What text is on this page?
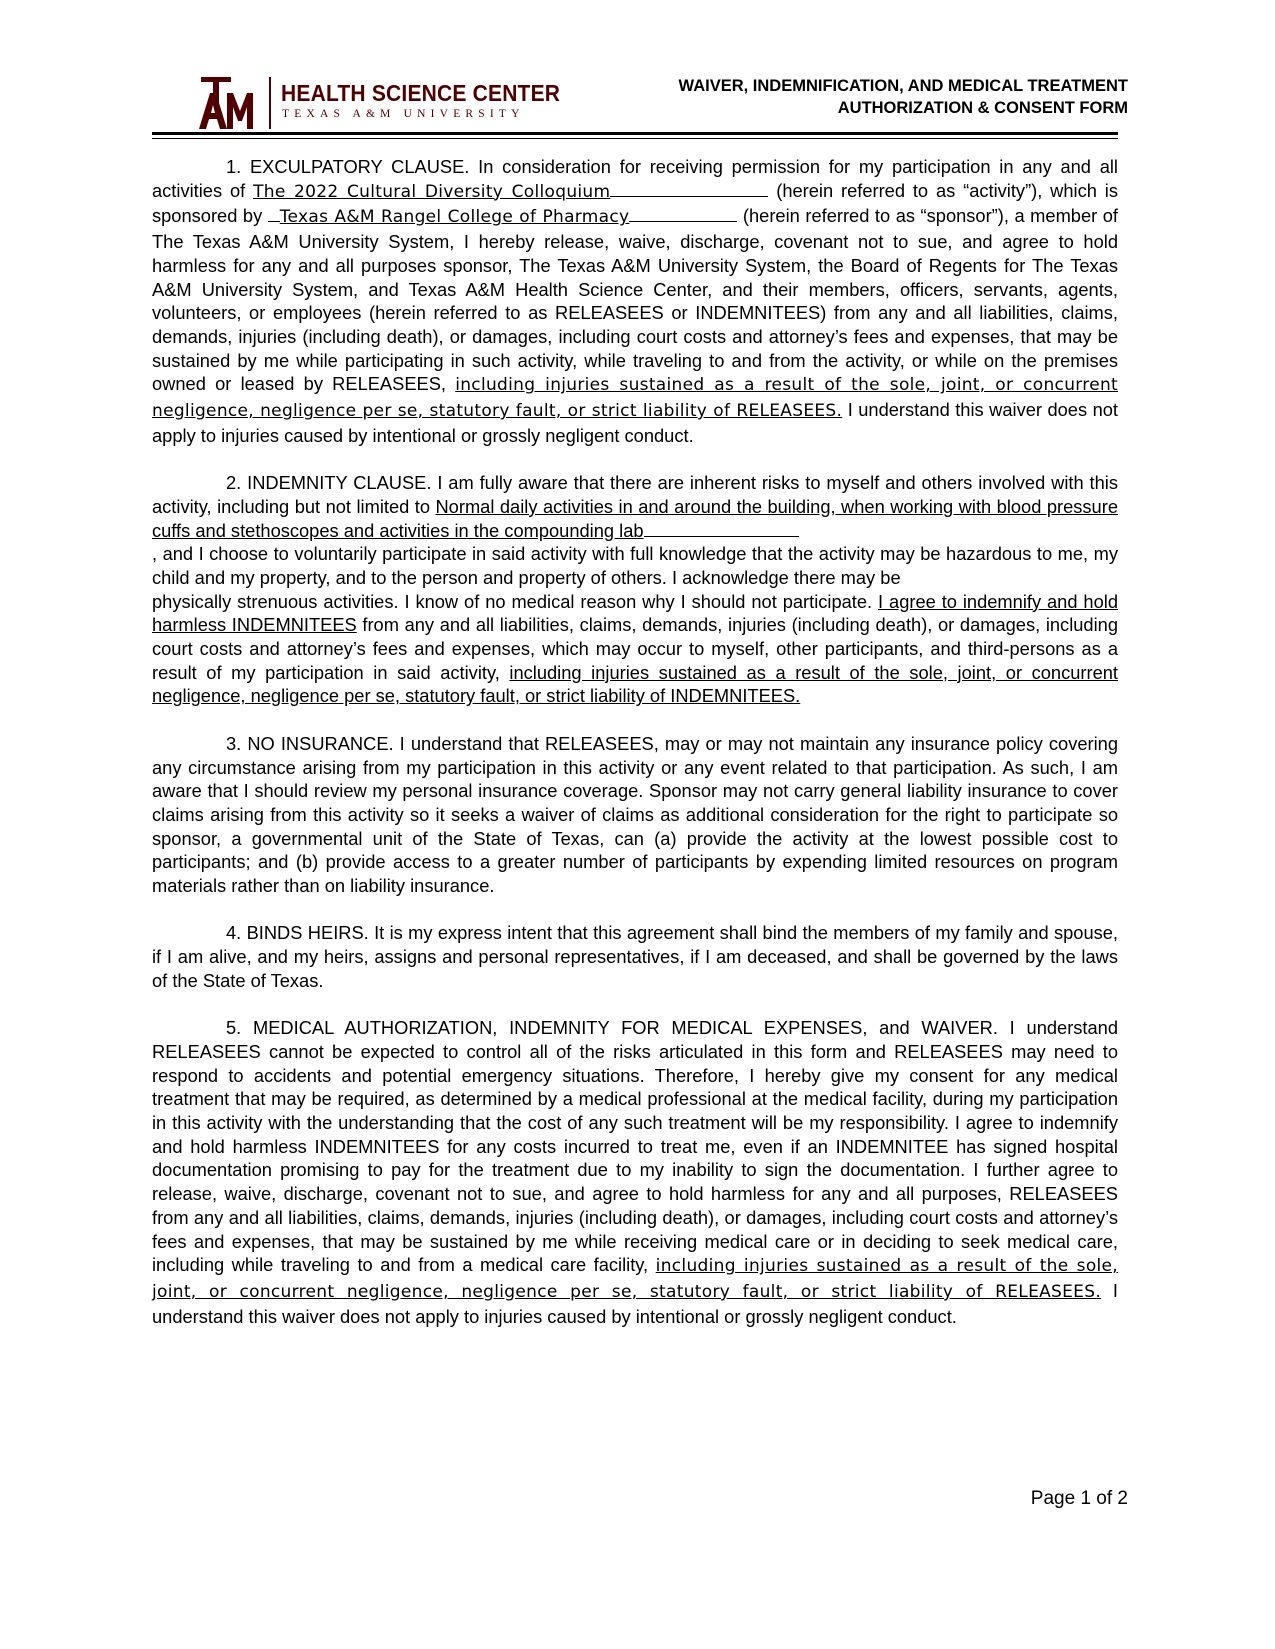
HEALTH SCIENCE CENTER
TEXAS A&M UNIVERSITY
WAIVER, INDEMNIFICATION, AND MEDICAL TREATMENT
AUTHORIZATION & CONSENT FORM

1. EXCULPATORY CLAUSE. In consideration for receiving permission for my participation in any and all activities of The 2022 Cultural Diversity Colloquium	(herein referred to as “activity”), which is sponsored by Texas A&M Rangel College of Pharmacy	(herein referred to as “sponsor”), a member of The Texas A&M University System, I hereby release, waive, discharge, covenant not to sue, and agree to hold harmless for any and all purposes sponsor, The Texas A&M University System, the Board of Regents for The Texas A&M University System, and Texas A&M Health Science Center, and their members, officers, servants, agents, volunteers, or employees (herein referred to as RELEASEES or INDEMNITEES) from any and all liabilities, claims, demands, injuries (including death), or damages, including court costs and attorney’s fees and expenses, that may be sustained by me while participating in such activity, while traveling to and from the activity, or while on the premises owned or leased by RELEASEES, including injuries sustained as a result of the sole, joint, or concurrent negligence, negligence per se, statutory fault, or strict liability of RELEASEES. I understand this waiver does not apply to injuries caused by intentional or grossly negligent conduct.

2. INDEMNITY CLAUSE. I am fully aware that there are inherent risks to myself and others involved with this activity, including but not limited to Normal daily activities in and around the building, when working with blood pressure cuffs and stethoscopes and activities in the compounding lab
, and I choose to voluntarily participate in said activity with full knowledge that the activity may be hazardous to me, my child and my property, and to the person and property of others. I acknowledge there may be
physically strenuous activities. I know of no medical reason why I should not participate. I agree to indemnify and hold harmless INDEMNITEES from any and all liabilities, claims, demands, injuries (including death), or damages, including court costs and attorney’s fees and expenses, which may occur to myself, other participants, and third-persons as a result of my participation in said activity, including injuries sustained as a result of the sole, joint, or concurrent negligence, negligence per se, statutory fault, or strict liability of INDEMNITEES.

3. NO INSURANCE. I understand that RELEASEES, may or may not maintain any insurance policy covering any circumstance arising from my participation in this activity or any event related to that participation. As such, I am aware that I should review my personal insurance coverage. Sponsor may not carry general liability insurance to cover claims arising from this activity so it seeks a waiver of claims as additional consideration for the right to participate so sponsor, a governmental unit of the State of Texas, can (a) provide the activity at the lowest possible cost to participants; and (b) provide access to a greater number of participants by expending limited resources on program materials rather than on liability insurance.

4. BINDS HEIRS. It is my express intent that this agreement shall bind the members of my family and spouse, if I am alive, and my heirs, assigns and personal representatives, if I am deceased, and shall be governed by the laws of the State of Texas.

5. MEDICAL AUTHORIZATION, INDEMNITY FOR MEDICAL EXPENSES, and WAIVER. I understand RELEASEES cannot be expected to control all of the risks articulated in this form and RELEASEES may need to respond to accidents and potential emergency situations. Therefore, I hereby give my consent for any medical treatment that may be required, as determined by a medical professional at the medical facility, during my participation in this activity with the understanding that the cost of any such treatment will be my responsibility. I agree to indemnify and hold harmless INDEMNITEES for any costs incurred to treat me, even if an INDEMNITEE has signed hospital documentation promising to pay for the treatment due to my inability to sign the documentation. I further agree to release, waive, discharge, covenant not to sue, and agree to hold harmless for any and all purposes, RELEASEES from any and all liabilities, claims, demands, injuries (including death), or damages, including court costs and attorney’s fees and expenses, that may be sustained by me while receiving medical care or in deciding to seek medical care, including while traveling to and from a medical care facility, including injuries sustained as a result of the sole, joint, or concurrent negligence, negligence per se, statutory fault, or strict liability of RELEASEES. I understand this waiver does not apply to injuries caused by intentional or grossly negligent conduct.

Page 1 of 2
